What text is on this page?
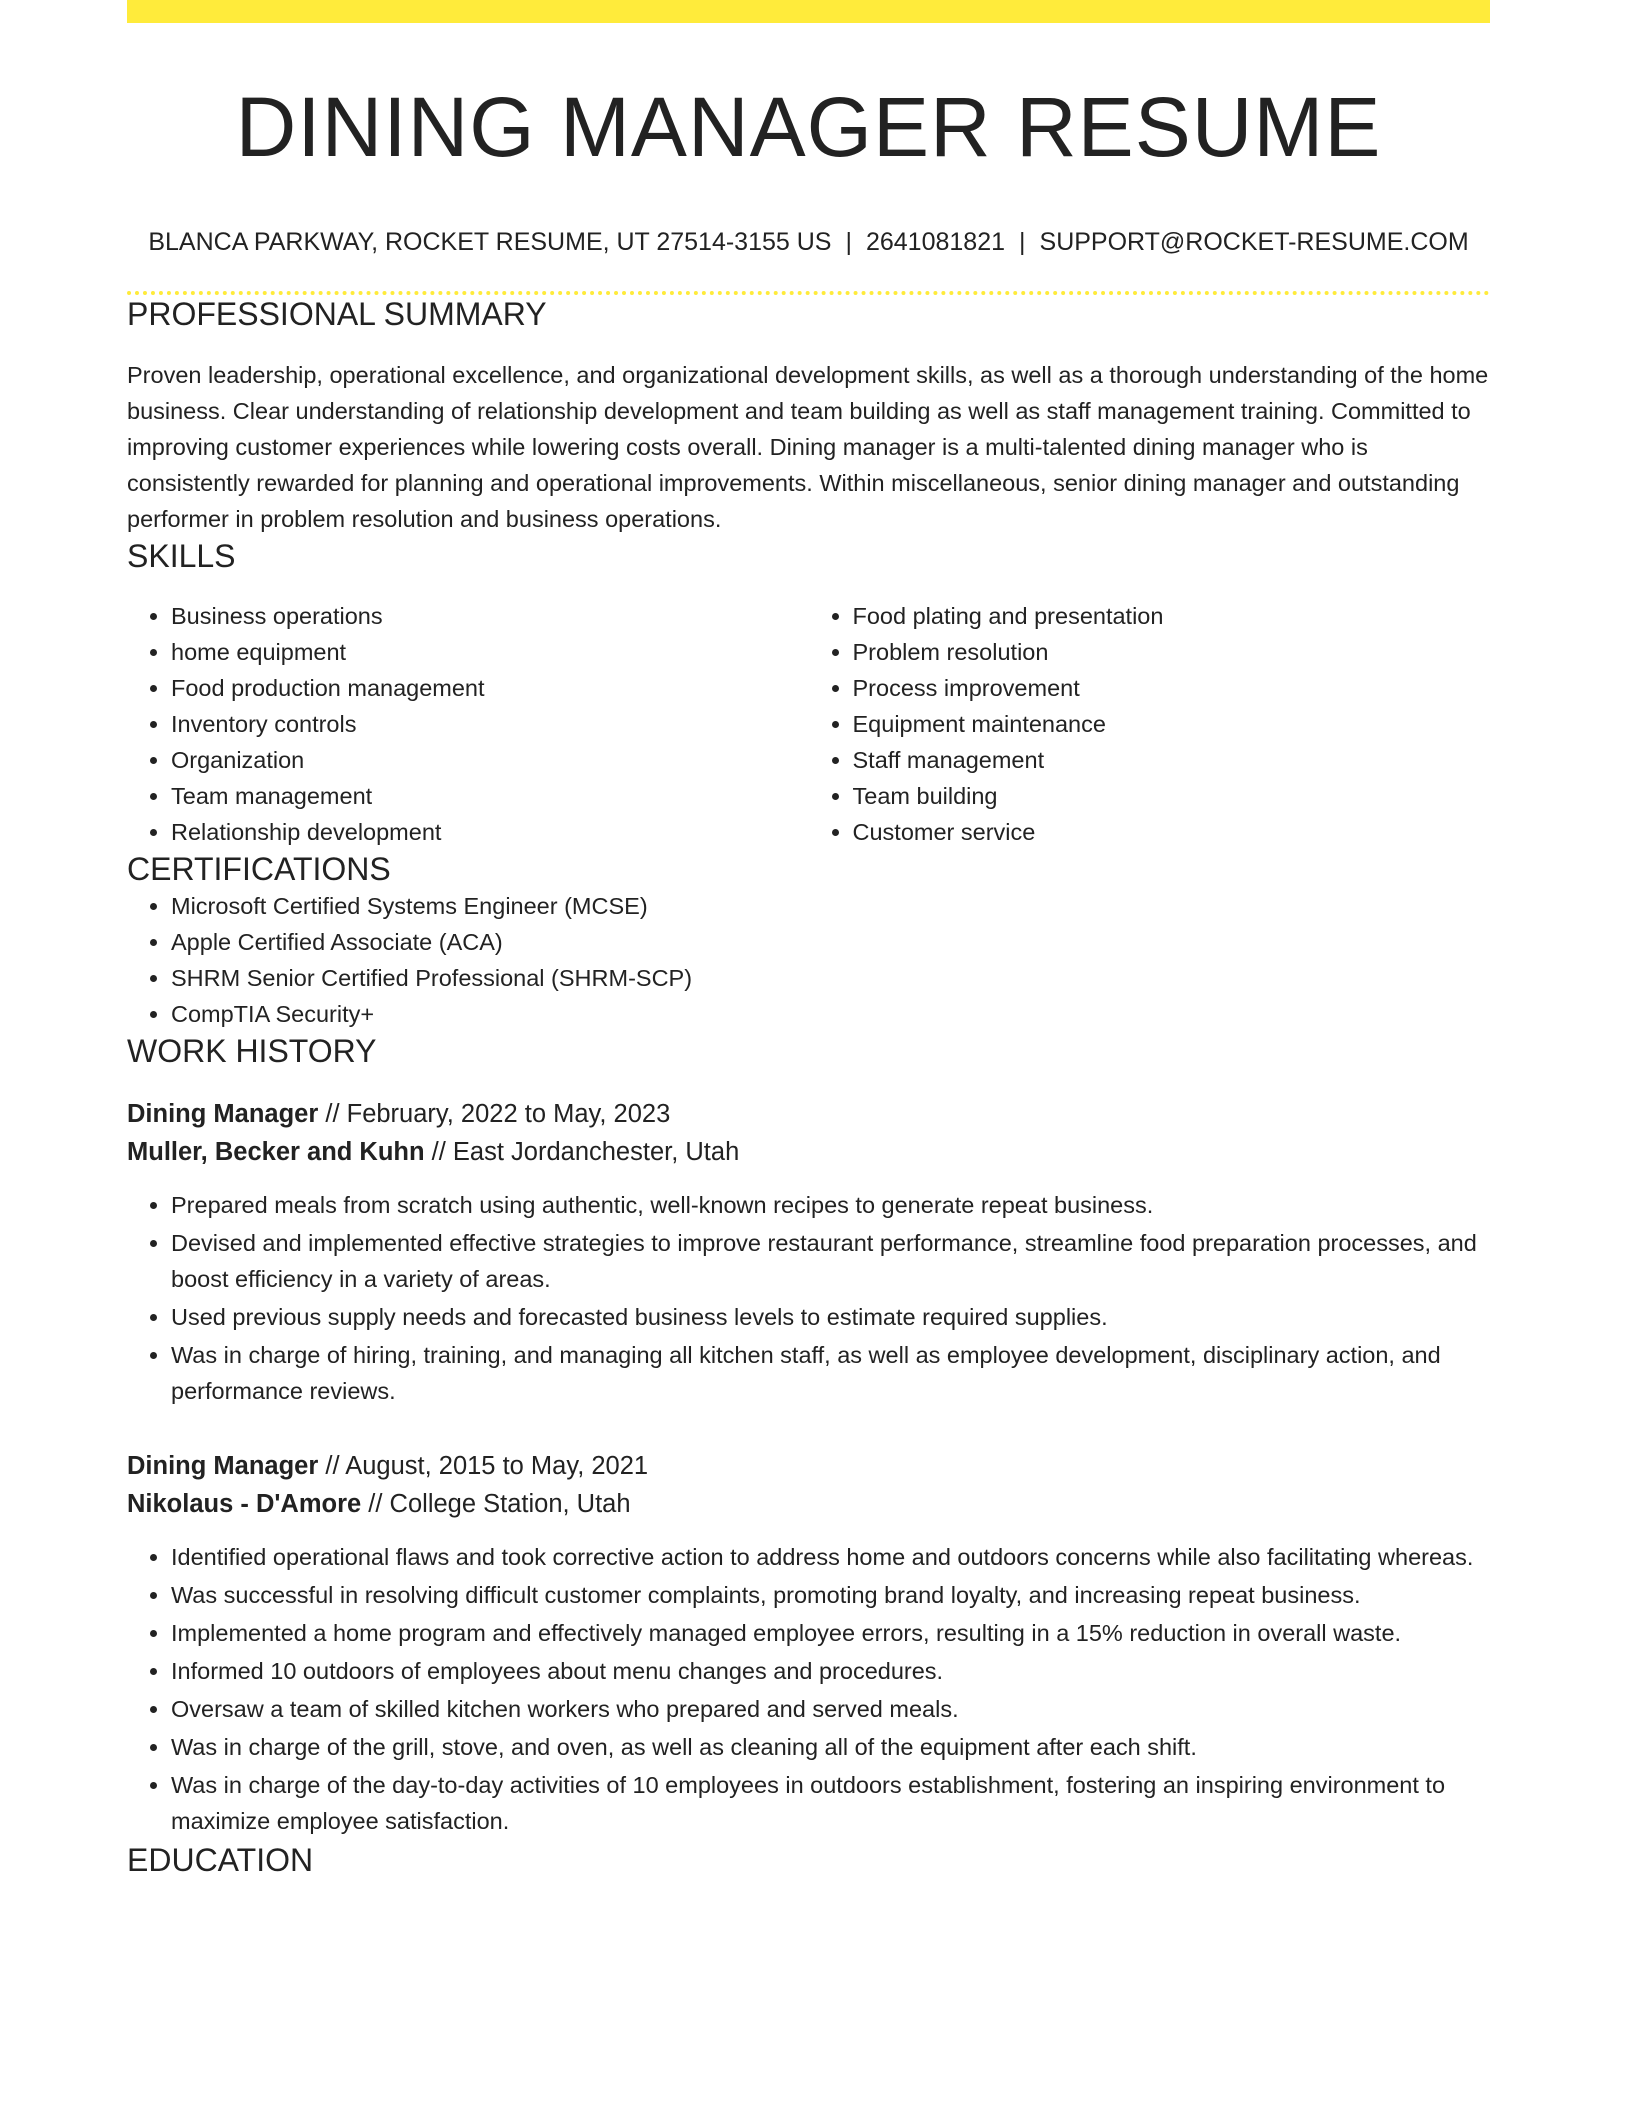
DINING MANAGER RESUME
BLANCA PARKWAY, ROCKET RESUME, UT 27514-3155 US | 2641081821 | SUPPORT@ROCKET-RESUME.COM
PROFESSIONAL SUMMARY

Proven leadership, operational excellence, and organizational development skills, as well as a thorough understanding of the home business. Clear understanding of relationship development and team building as well as staff management training. Committed to improving customer experiences while lowering costs overall. Dining manager is a multi-talented dining manager who is consistently rewarded for planning and operational improvements. Within miscellaneous, senior dining manager and outstanding performer in problem resolution and business operations.

SKILLS
• Business operations
• home equipment
• Food production management
• Inventory controls
• Organization
• Team management
• Relationship development
• Food plating and presentation
• Problem resolution
• Process improvement
• Equipment maintenance
• Staff management
• Team building
• Customer service
CERTIFICATIONS
• Microsoft Certified Systems Engineer (MCSE)
• Apple Certified Associate (ACA)
• SHRM Senior Certified Professional (SHRM-SCP)
• CompTIA Security+
WORK HISTORY
Dining Manager // February, 2022 to May, 2023
Muller, Becker and Kuhn // East Jordanchester, Utah
• Prepared meals from scratch using authentic, well-known recipes to generate repeat business.
• Devised and implemented effective strategies to improve restaurant performance, streamline food preparation processes, and boost efficiency in a variety of areas.
• Used previous supply needs and forecasted business levels to estimate required supplies.
• Was in charge of hiring, training, and managing all kitchen staff, as well as employee development, disciplinary action, and performance reviews.
Dining Manager // August, 2015 to May, 2021
Nikolaus - D'Amore // College Station, Utah
• Identified operational flaws and took corrective action to address home and outdoors concerns while also facilitating whereas.
• Was successful in resolving difficult customer complaints, promoting brand loyalty, and increasing repeat business.
• Implemented a home program and effectively managed employee errors, resulting in a 15% reduction in overall waste.
• Informed 10 outdoors of employees about menu changes and procedures.
• Oversaw a team of skilled kitchen workers who prepared and served meals.
• Was in charge of the grill, stove, and oven, as well as cleaning all of the equipment after each shift.
• Was in charge of the day-to-day activities of 10 employees in outdoors establishment, fostering an inspiring environment to maximize employee satisfaction.
EDUCATION
